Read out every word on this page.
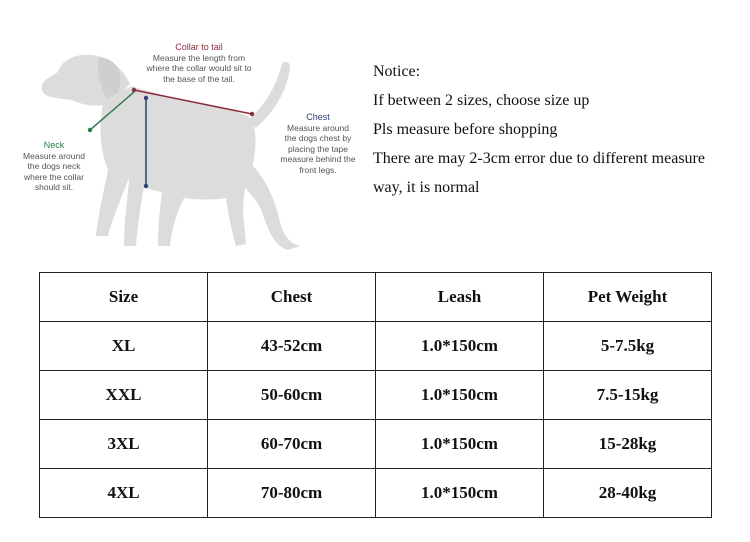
Collar to tail
Measure the length from
where the collar would sit to
the base of the tail.
Chest
Measure around
the dogs chest by
placing the tape
measure behind the
front legs.
Neck
Measure around
the dogs neck
where the collar
should sit.
Notice:
If between 2 sizes, choose size up
Pls measure before shopping
There are may 2-3cm error due to different measure
way, it is normal
Size	Chest	Leash	Pet Weight
XL	43-52cm	1.0*150cm	5-7.5kg
XXL	50-60cm	1.0*150cm	7.5-15kg
3XL	60-70cm	1.0*150cm	15-28kg
4XL	70-80cm	1.0*150cm	28-40kg
